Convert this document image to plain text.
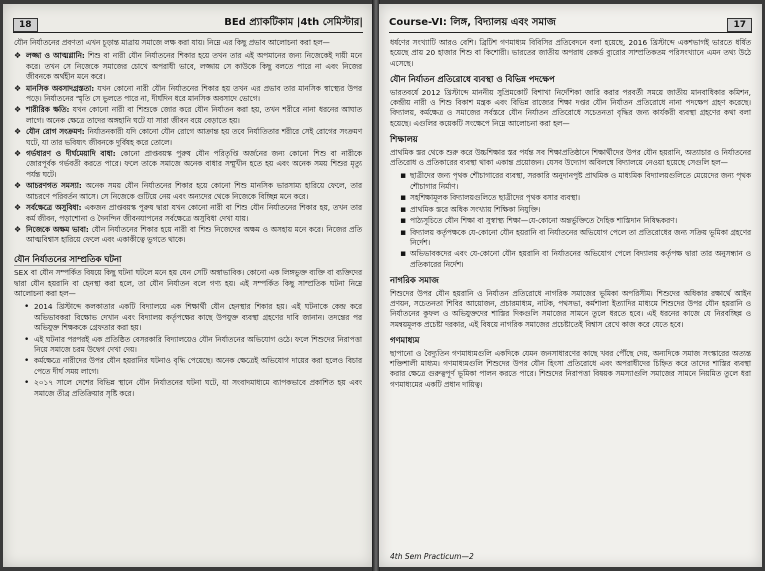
18	BEd প্র্যাকটিকাম |4th সেমিস্টার|

যৌন নির্যাতনের প্রবণতা এখন চূড়ান্ত মাত্রায় সমাজে লক্ষ করা যায়। নিম্নে এর কিছু প্রভাব আলোচনা করা হল—

❖ লজ্জা ও আত্মগ্লানি: শিশু বা নারী যৌন নির্যাতনের শিকার হয়ে তখন তার এই অপমানের জন্য নিজেকেই দায়ী মনে করে। তখন সে নিজেকে সমাজের চোখে অপরাধী ভাবে, লজ্জায় সে কাউকে কিছু বলতে পারে না এবং নিজের জীবনকে অর্থহীন মনে করে।
❖ মানসিক অবসাদগ্রস্ততা: যখন কোনো নারী যৌন নির্যাতনের শিকার হয় তখন এর প্রভাব তার মানসিক স্বাস্থ্যের উপর পড়ে। নির্যাতনের স্মৃতি সে ভুলতে পারে না, দীর্ঘদিন ধরে মানসিক অবসাদে ভোগে।
❖ শারীরিক ক্ষতি: যখন কোনো নারী বা শিশুকে জোর করে যৌন নির্যাতন করা হয়, তখন শরীরে নানা ধরনের আঘাত লাগে। অনেক ক্ষেত্রে তাদের অঙ্গহানি ঘটে যা সারা জীবন বয়ে বেড়াতে হয়।
❖ যৌন রোগ সংক্রমণ: নির্যাতনকারী যদি কোনো যৌন রোগে আক্রান্ত হয় তবে নির্যাতিতার শরীরে সেই রোগের সংক্রমণ ঘটে, যা তার ভবিষ্যৎ জীবনকে দুর্বিষহ করে তোলে।
❖ গর্ভধারণ ও দীর্ঘমেয়াদি বাধা: কোনো প্রাপ্তবয়স্ক পুরুষ যৌন পরিতৃপ্তি অর্জনের জন্য কোনো শিশু বা নারীকে জোরপূর্বক গর্ভবতী করতে পারে। ফলে তাকে সমাজে অনেক বাধার সম্মুখীন হতে হয় এবং অনেক সময় শিশুর মৃত্যু পর্যন্ত ঘটে।
❖ আচরণগত সমস্যা: অনেক সময় যৌন নির্যাতনের শিকার হয়ে কোনো শিশু মানসিক ভারসাম্য হারিয়ে ফেলে, তার আচরণে পরিবর্তন আসে। সে নিজেকে গুটিয়ে নেয় এবং অন্যদের থেকে নিজেকে বিচ্ছিন্ন মনে করে।
❖ সর্বক্ষেত্রে অসুবিধা: একজন প্রাপ্তবয়স্ক পুরুষ দ্বারা যখন কোনো নারী বা শিশু যৌন নির্যাতনের শিকার হয়, তখন তার কর্ম জীবন, পড়াশোনা ও দৈনন্দিন জীবনযাপনের সর্বক্ষেত্রে অসুবিধা দেখা যায়।
❖ নিজেকে অক্ষম ভাবা: যৌন নির্যাতনের শিকার হয়ে নারী বা শিশু নিজেদের অক্ষম ও অসহায় মনে করে। নিজের প্রতি আত্মবিশ্বাস হারিয়ে ফেলে এবং একাকীত্বে ভুগতে থাকে।
যৌন নির্যাতনের সাম্প্রতিক ঘটনা

SEX বা যৌন সম্পর্কিত বিষয়ে কিছু ঘটনা ঘটলে মনে হয় যেন সেটি অস্বাভাবিক। কোনো এক লিঙ্গভুক্ত ব্যক্তি বা ব্যক্তিদের দ্বারা যৌন হয়রানি বা হেনস্থা করা হলে, তা যৌন নির্যাতন বলে গণ্য হয়। এই সম্পর্কিত কিছু সাম্প্রতিক ঘটনা নিম্নে আলোচনা করা হল—

• 2014 খ্রিস্টাব্দে কলকাতার একটি বিদ্যালয়ে এক শিক্ষার্থী যৌন হেনস্থার শিকার হয়। এই ঘটনাকে কেন্দ্র করে অভিভাবকরা বিক্ষোভ দেখান এবং বিদ্যালয় কর্তৃপক্ষের কাছে উপযুক্ত ব্যবস্থা গ্রহণের দাবি জানান। তদন্তের পর অভিযুক্ত শিক্ষককে গ্রেফতার করা হয়।
• এই ঘটনার পরপরই এক প্রতিষ্ঠিত বেসরকারি বিদ্যালয়েও যৌন নির্যাতনের অভিযোগ ওঠে। ফলে শিশুদের নিরাপত্তা নিয়ে সমাজে চরম উদ্বেগ দেখা দেয়।
• কর্মক্ষেত্রে নারীদের উপর যৌন হয়রানির ঘটনাও বৃদ্ধি পেয়েছে। অনেক ক্ষেত্রেই অভিযোগ দায়ের করা হলেও বিচার পেতে দীর্ঘ সময় লাগে।
• ২০১৭ সালে দেশের বিভিন্ন স্থানে যৌন নির্যাতনের ঘটনা ঘটে, যা সংবাদমাধ্যমে ব্যাপকভাবে প্রকাশিত হয় এবং সমাজে তীব্র প্রতিক্রিয়ার সৃষ্টি করে।
Course-VI: লিঙ্গ, বিদ্যালয় এবং সমাজ	17

ধর্ষণের সংখ্যাটি আরও বেশি। ব্রিটিশ গণমাধ্যম বিবিসির প্রতিবেদনে বলা হয়েছে, 2016 খ্রিস্টাব্দে একশভাগই ভারতে ধর্ষিত হয়েছে প্রায় 20 হাজার শিশু বা কিশোরী। ভারতের জাতীয় অপরাধ রেকর্ড ব্যুরোর সাম্প্রতিকতম পরিসংখ্যানে এমন তথ্য উঠে এসেছে।

যৌন নির্যাতন প্রতিরোধে ব্যবস্থা ও বিভিন্ন পদক্ষেপ

ভারতবর্ষে 2012 খ্রিস্টাব্দে মাননীয় সুপ্রিমকোর্ট বিশাখা নির্দেশিকা জারি করার পরবর্তী সময়ে জাতীয় মানবাধিকার কমিশন, কেন্দ্রীয় নারী ও শিশু বিকাশ মন্ত্রক এবং বিভিন্ন রাজ্যের শিক্ষা দপ্তর যৌন নির্যাতন প্রতিরোধে নানা পদক্ষেপ গ্রহণ করেছে। বিদ্যালয়, কর্মক্ষেত্র ও সমাজের সর্বস্তরে যৌন নির্যাতন প্রতিরোধে সচেতনতা বৃদ্ধির জন্য কার্যকরী ব্যবস্থা গ্রহণের কথা বলা হয়েছে। এগুলির কয়েকটি সংক্ষেপে নিম্নে আলোচনা করা হল—

শিক্ষালয়

প্রাথমিক স্তর থেকে শুরু করে উচ্চশিক্ষার স্তর পর্যন্ত সব শিক্ষাপ্রতিষ্ঠানে শিক্ষার্থীদের উপর যৌন হয়রানি, অত্যাচার ও নির্যাতনের প্রতিরোধ ও প্রতিকারের ব্যবস্থা থাকা একান্ত প্রয়োজন। যেসব উদ্যোগ অবিলম্বে বিদ্যালয়ে নেওয়া হয়েছে সেগুলি হল—

▪ ছাত্রীদের জন্য পৃথক শৌচাগারের ব্যবস্থা, সরকারি অনুদানপুষ্ট প্রাথমিক ও মাধ্যমিক বিদ্যালয়গুলিতে মেয়েদের জন্য পৃথক শৌচাগার নির্মাণ।
▪ সহশিক্ষামূলক বিদ্যালয়গুলিতে ছাত্রীদের পৃথক বসার ব্যবস্থা।
▪ প্রাথমিক স্তরে অধিক সংখ্যায় শিক্ষিকা নিযুক্তি।
▪ পাঠ্যসূচিতে যৌন শিক্ষা বা সুস্বাস্থ্য শিক্ষা—যে-কোনো অন্তর্ভুক্তিতে দৈহিক শাস্তিদান নিষিদ্ধকরণ।
▪ বিদ্যালয় কর্তৃপক্ষকে যে-কোনো যৌন হয়রানি বা নির্যাতনের অভিযোগ পেলে তা প্রতিরোধের জন্য সক্রিয় ভূমিকা গ্রহণের নির্দেশ।
▪ অভিভাবকদের এবং যে-কোনো যৌন হয়রানি বা নির্যাতনের অভিযোগ পেলে বিদ্যালয় কর্তৃপক্ষ দ্বারা তার অনুসন্ধান ও প্রতিকারের নির্দেশ।
নাগরিক সমাজ

শিশুদের উপর যৌন হয়রানি ও নির্যাতন প্রতিরোধে নাগরিক সমাজের ভূমিকা অপরিসীম। শিশুদের অধিকার রক্ষার্থে আইন প্রণয়ন, সচেতনতা শিবির আয়োজন, প্রচারমাধ্যম, নাটক, পথসভা, কর্মশালা ইত্যাদির মাধ্যমে শিশুদের উপর যৌন হয়রানি ও নির্যাতনের কুফল ও অভিযুক্তদের শাস্তির দিকগুলি সমাজের সামনে তুলে ধরতে হবে। এই ধরনের কাজে যে নিরবচ্ছিন্ন ও সমন্বয়মূলক প্রচেষ্টা দরকার, এই বিষয়ে নাগরিক সমাজের প্রচেষ্টাতেই বিশ্বাস রেখে কাজ করে যেতে হবে।

গণমাধ্যম

ছাপানো ও বৈদ্যুতিন গণমাধ্যমগুলি একদিকে যেমন জনসাধারণের কাছে খবর পৌঁছে দেয়, অন্যদিকে সমাজ সংস্কারের অত্যন্ত শক্তিশালী মাধ্যম। গণমাধ্যমগুলি শিশুদের উপর যৌন হিংসা প্রতিরোধে এবং অপরাধীদের চিহ্নিত করে তাদের শাস্তির ব্যবস্থা করার ক্ষেত্রে গুরুত্বপূর্ণ ভূমিকা পালন করতে পারে। শিশুদের নিরাপত্তা বিষয়ক সমস্যাগুলি সমাজের সামনে নিয়মিত তুলে ধরা গণমাধ্যমের একটি প্রধান দায়িত্ব।

4th Sem Practicum—2
